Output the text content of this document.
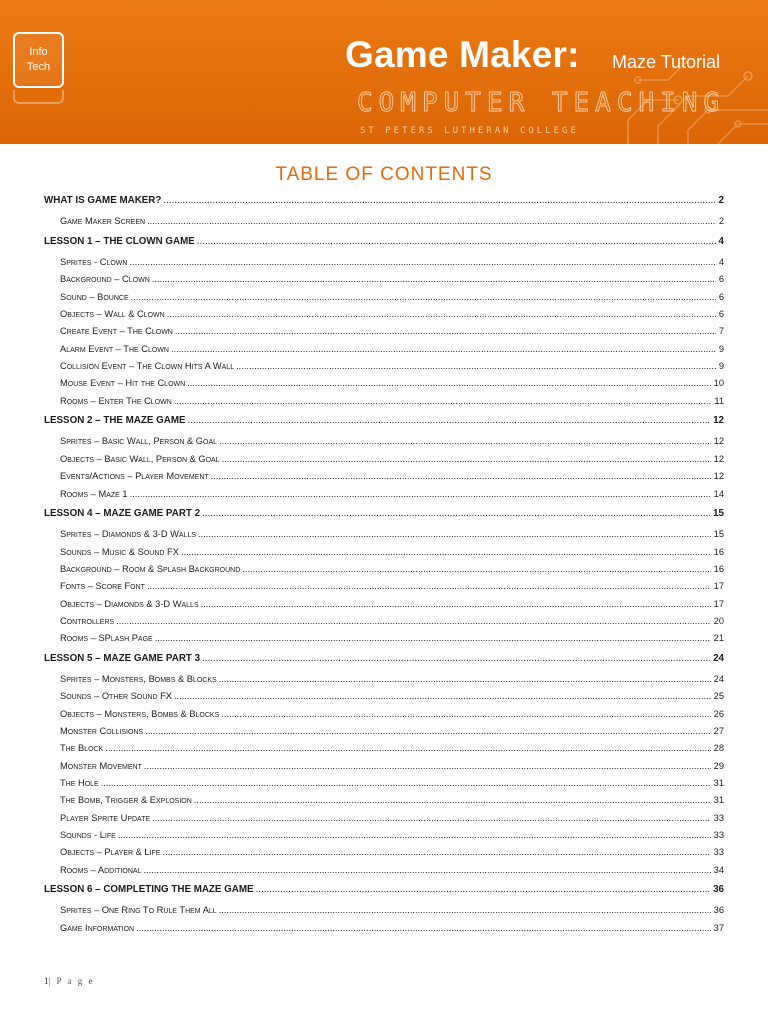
Info
Tech	Game Maker: Maze Tutorial
COMPUTER TEACHING
ST PETERS LUTHERAN COLLEGE
TABLE OF CONTENTS
WHAT IS GAME MAKER? .....	2
Game Maker Screen .....	2
LESSON 1 – THE CLOWN GAME .....	4
Sprites - Clown .....	4
Background – Clown .....	6
Sound – Bounce .....	6
Objects – Wall & Clown .....	6
Create Event – The Clown .....	7
Alarm Event – The Clown .....	9
Collision Event – The Clown Hits A Wall .....	9
Mouse Event – Hit the Clown .....	10
Rooms – Enter The Clown .....	11
LESSON 2 – THE MAZE GAME .....	12
Sprites – Basic Wall, Person & Goal .....	12
Objects – Basic Wall, Person & Goal .....	12
Events/Actions – Player Movement .....	12
Rooms – Maze 1 .....	14
LESSON 4 – MAZE GAME PART 2 .....	15
Sprites – Diamonds & 3-D Walls .....	15
Sounds – Music & Sound FX .....	16
Background – Room & Splash Background .....	16
Fonts – Score Font .....	17
Objects – Diamonds & 3-D Walls .....	17
Controllers .....	20
Rooms – SPlash Page .....	21
LESSON 5 – MAZE GAME PART 3 .....	24
Sprites – Monsters, Bombs & Blocks .....	24
Sounds – Other Sound FX .....	25
Objects – Monsters, Bombs & Blocks .....	26
Monster Collisions .....	27
The Block .....	28
Monster Movement .....	29
The Hole .....	31
The Bomb, Trigger & Explosion .....	31
Player Sprite Update .....	33
Sounds - Life .....	33
Objects – Player & Life .....	33
Rooms – Additional .....	34
LESSON 6 – COMPLETING THE MAZE GAME .....	36
Sprites – One Ring To Rule Them All .....	36
Game Information .....	37
1| P a g e
